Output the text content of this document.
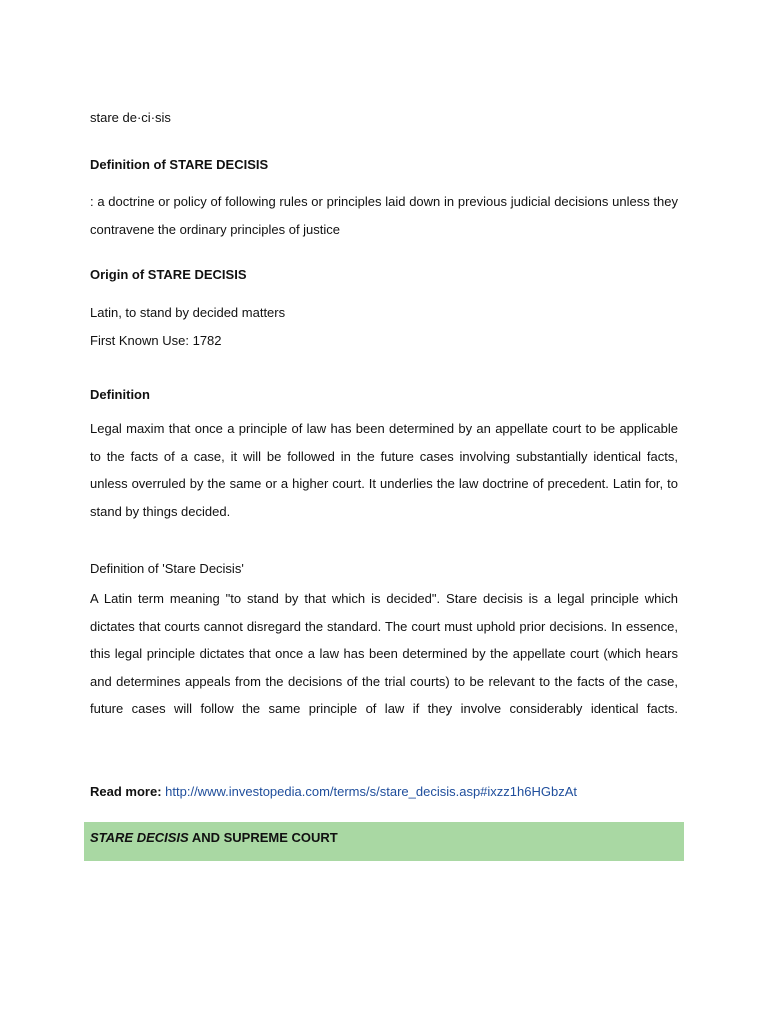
stare de·ci·sis
Definition of STARE DECISIS
: a doctrine or policy of following rules or principles laid down in previous judicial decisions unless they contravene the ordinary principles of justice
Origin of STARE DECISIS
Latin, to stand by decided matters
First Known Use: 1782
Definition
Legal maxim that once a principle of law has been determined by an appellate court to be applicable to the facts of a case, it will be followed in the future cases involving substantially identical facts, unless overruled by the same or a higher court. It underlies the law doctrine of precedent. Latin for, to stand by things decided.
Definition of 'Stare Decisis'
A Latin term meaning "to stand by that which is decided". Stare decisis is a legal principle which dictates that courts cannot disregard the standard. The court must uphold prior decisions. In essence, this legal principle dictates that once a law has been determined by the appellate court (which hears and determines appeals from the decisions of the trial courts) to be relevant to the facts of the case, future cases will follow the same principle of law if they involve considerably identical facts.
Read more: http://www.investopedia.com/terms/s/stare_decisis.asp#ixzz1h6HGbzAt
STARE DECISIS AND SUPREME COURT
